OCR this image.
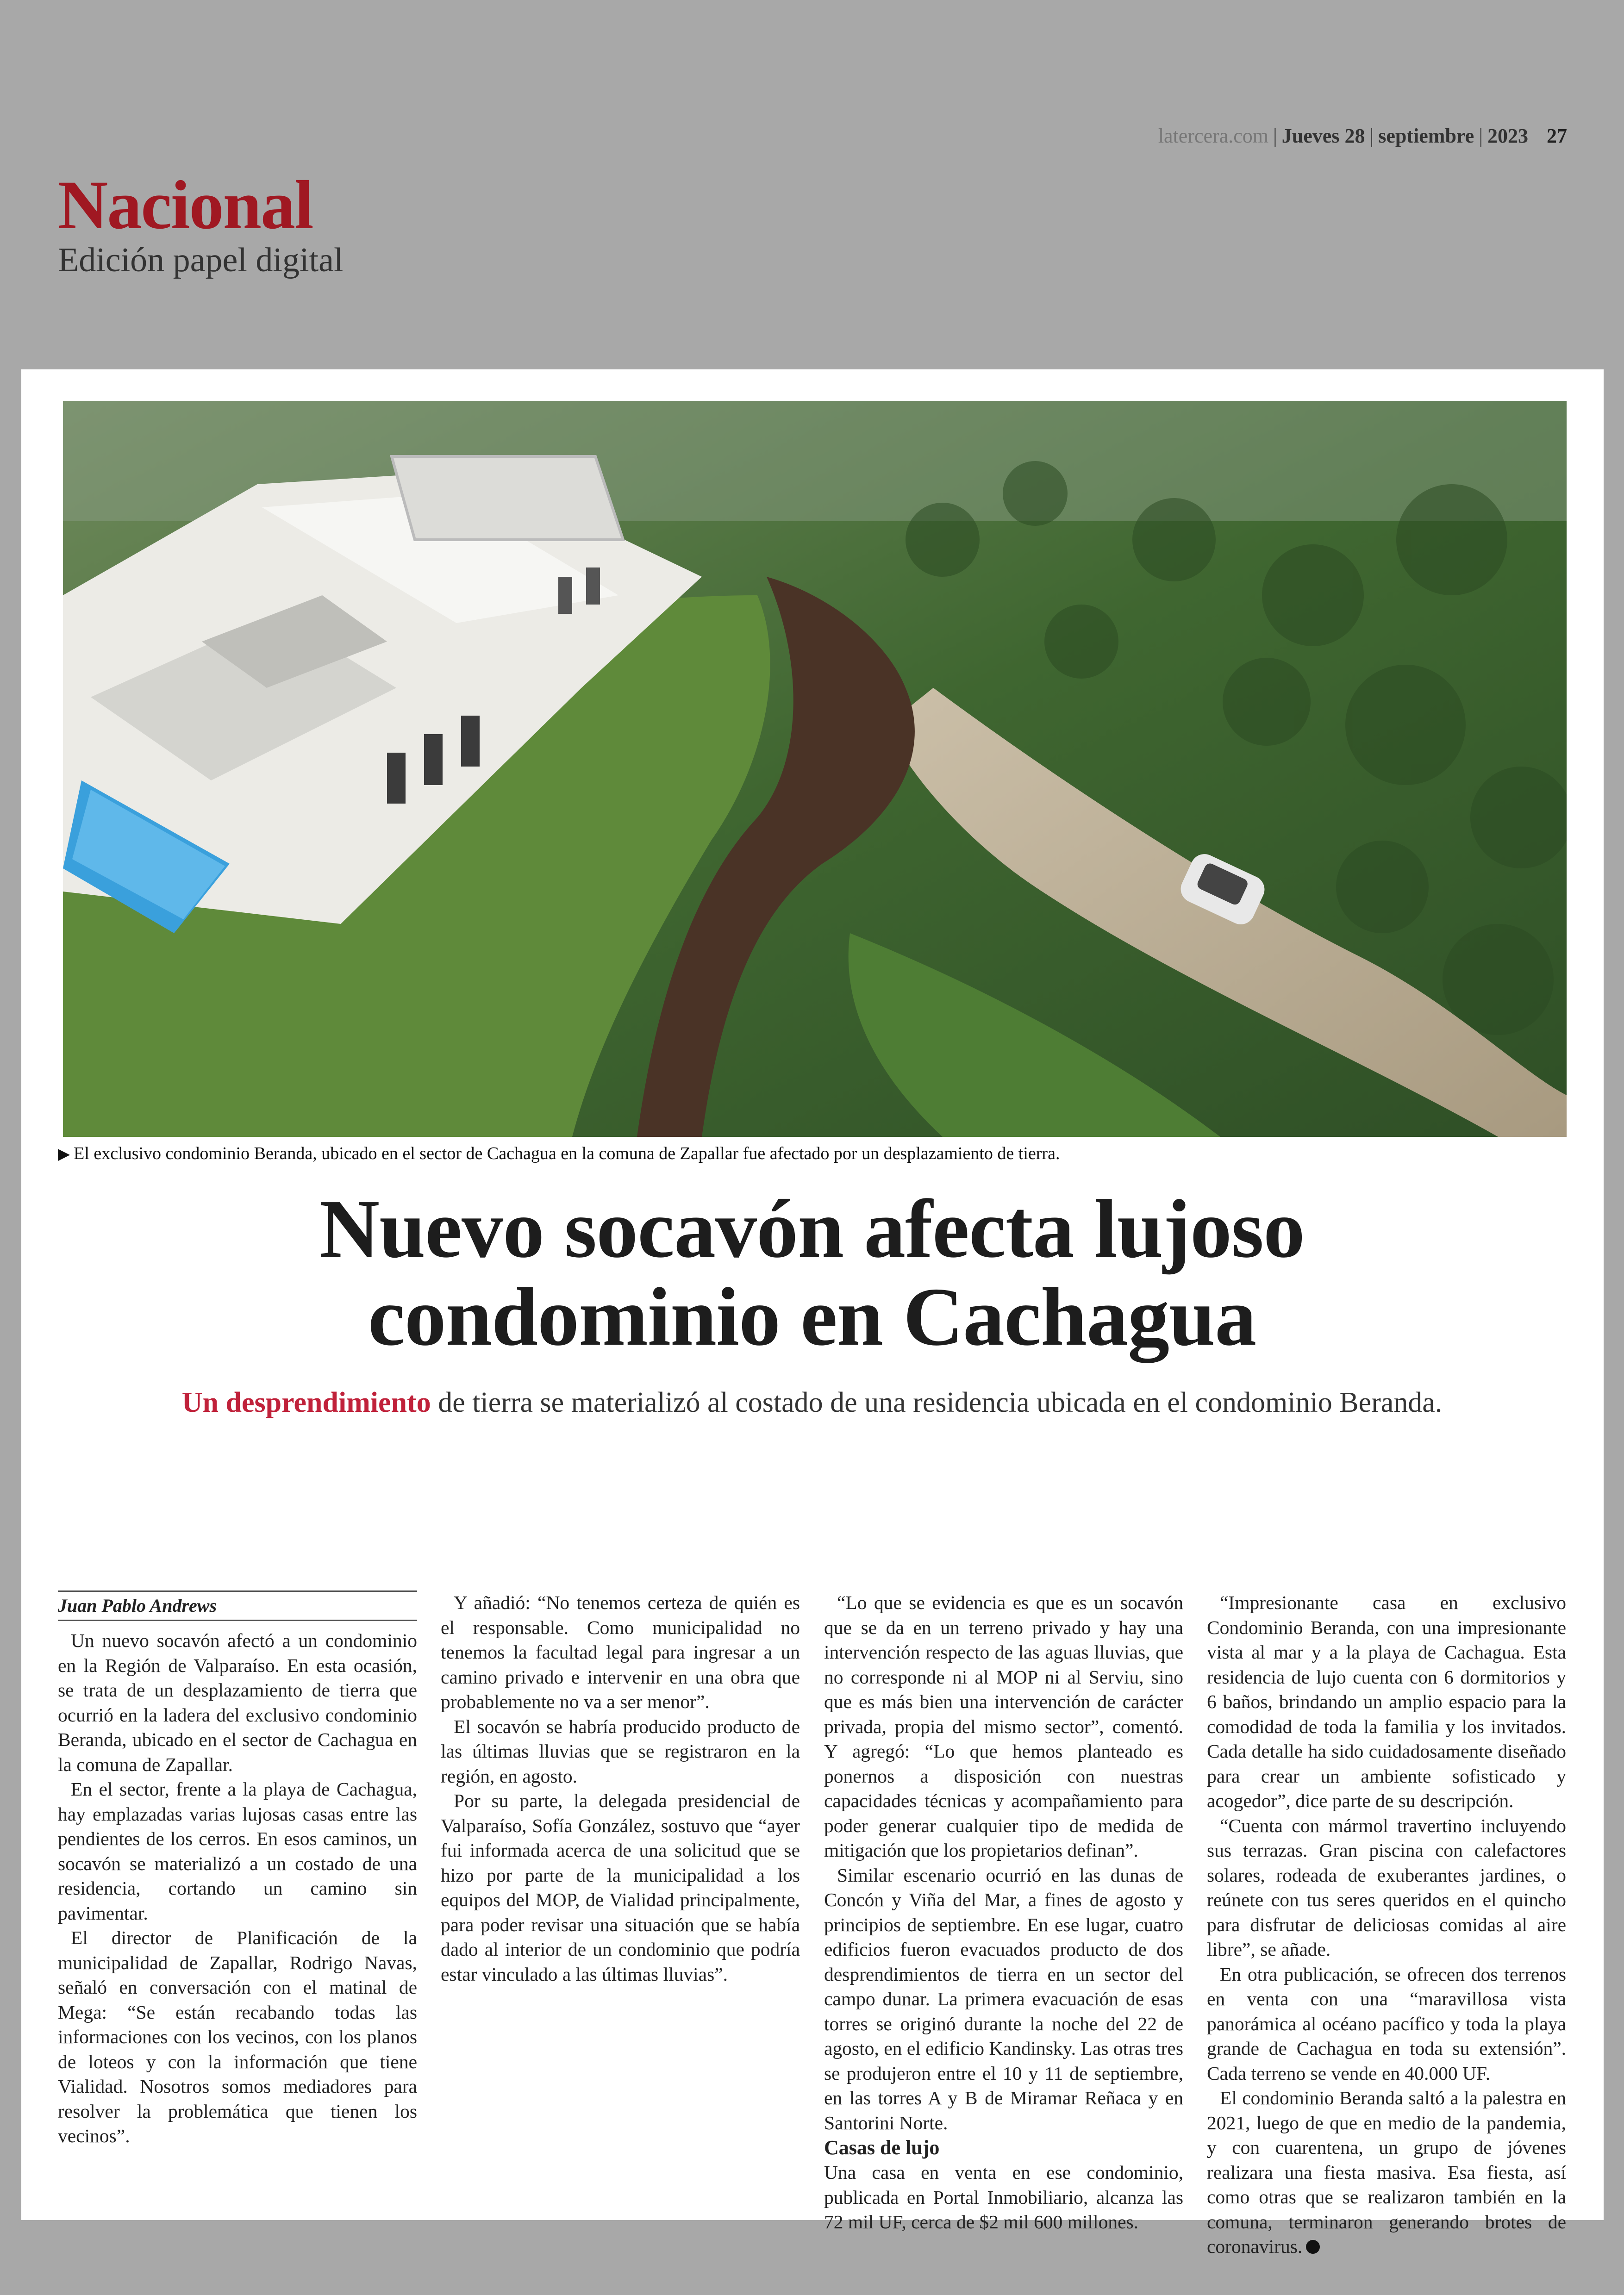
latercera.com | Jueves 28 | septiembre | 2023 27
Nacional
Edición papel digital
▶ El exclusivo condominio Beranda, ubicado en el sector de Cachagua en la comuna de Zapallar fue afectado por un desplazamiento de tierra.
Nuevo socavón afecta lujoso
condominio en Cachagua
Un desprendimiento de tierra se materializó al costado de una residencia ubicada en el condominio Beranda.
Juan Pablo Andrews

Un nuevo socavón afectó a un condominio en la Región de Valparaíso. En esta ocasión, se trata de un desplazamiento de tierra que ocurrió en la ladera del exclusivo condominio Beranda, ubicado en el sector de Cachagua en la comuna de Zapallar.

En el sector, frente a la playa de Cachagua, hay emplazadas varias lujosas casas entre las pendientes de los cerros. En esos caminos, un socavón se materializó a un costado de una residencia, cortando un camino sin pavimentar.

El director de Planificación de la municipalidad de Zapallar, Rodrigo Navas, señaló en conversación con el matinal de Mega: “Se están recabando todas las informaciones con los vecinos, con los planos de loteos y con la información que tiene Vialidad. Nosotros somos mediadores para resolver la problemática que tienen los vecinos”.

Y añadió: “No tenemos certeza de quién es el responsable. Como municipalidad no tenemos la facultad legal para ingresar a un camino privado e intervenir en una obra que probablemente no va a ser menor”.

El socavón se habría producido producto de las últimas lluvias que se registraron en la región, en agosto.

Por su parte, la delegada presidencial de Valparaíso, Sofía González, sostuvo que “ayer fui informada acerca de una solicitud que se hizo por parte de la municipalidad a los equipos del MOP, de Vialidad principalmente, para poder revisar una situación que se había dado al interior de un condominio que podría estar vinculado a las últimas lluvias”.

“Lo que se evidencia es que es un socavón que se da en un terreno privado y hay una intervención respecto de las aguas lluvias, que no corresponde ni al MOP ni al Serviu, sino que es más bien una intervención de carácter privada, propia del mismo sector”, comentó. Y agregó: “Lo que hemos planteado es ponernos a disposición con nuestras capacidades técnicas y acompañamiento para poder generar cualquier tipo de medida de mitigación que los propietarios definan”.

Similar escenario ocurrió en las dunas de Concón y Viña del Mar, a fines de agosto y principios de septiembre. En ese lugar, cuatro edificios fueron evacuados producto de dos desprendimientos de tierra en un sector del campo dunar. La primera evacuación de esas torres se originó durante la noche del 22 de agosto, en el edificio Kandinsky. Las otras tres se produjeron entre el 10 y 11 de septiembre, en las torres A y B de Miramar Reñaca y en Santorini Norte.

Casas de lujo

Una casa en venta en ese condominio, publicada en Portal Inmobiliario, alcanza las 72 mil UF, cerca de $2 mil 600 millones.

“Impresionante casa en exclusivo Condominio Beranda, con una impresionante vista al mar y a la playa de Cachagua. Esta residencia de lujo cuenta con 6 dormitorios y 6 baños, brindando un amplio espacio para la comodidad de toda la familia y los invitados. Cada detalle ha sido cuidadosamente diseñado para crear un ambiente sofisticado y acogedor”, dice parte de su descripción.

“Cuenta con mármol travertino incluyendo sus terrazas. Gran piscina con calefactores solares, rodeada de exuberantes jardines, o reúnete con tus seres queridos en el quincho para disfrutar de deliciosas comidas al aire libre”, se añade.

En otra publicación, se ofrecen dos terrenos en venta con una “maravillosa vista panorámica al océano pacífico y toda la playa grande de Cachagua en toda su extensión”. Cada terreno se vende en 40.000 UF.

El condominio Beranda saltó a la palestra en 2021, luego de que en medio de la pandemia, y con cuarentena, un grupo de jóvenes realizara una fiesta masiva. Esa fiesta, así como otras que se realizaron también en la comuna, terminaron generando brotes de coronavirus.
